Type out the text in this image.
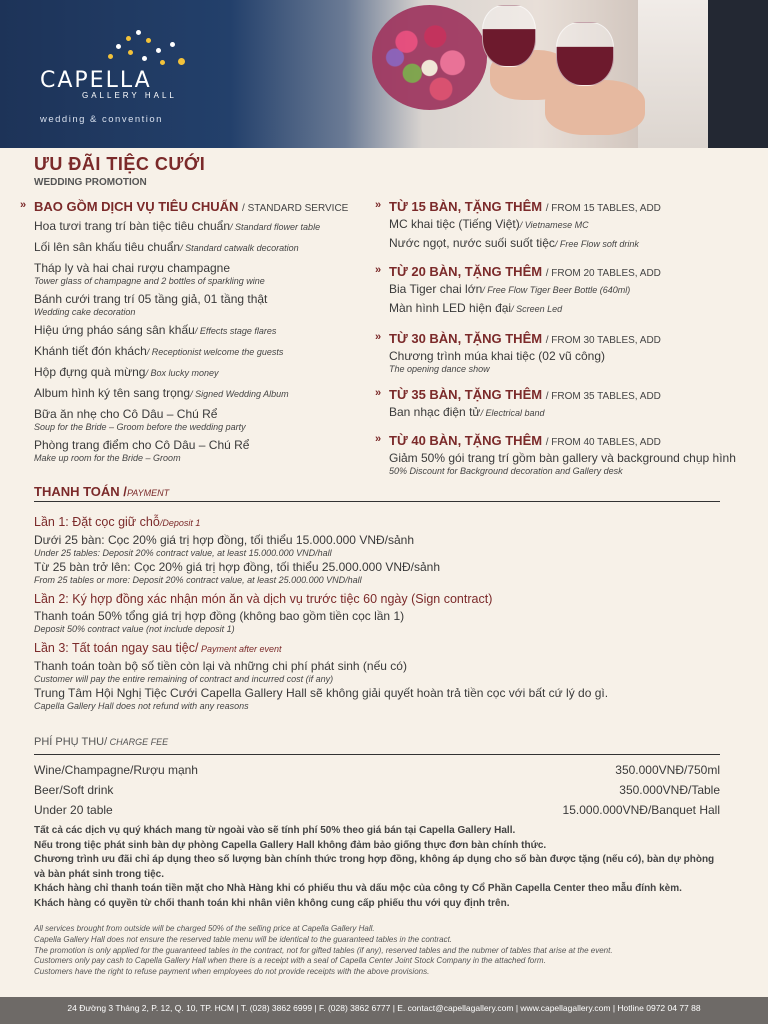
CAPELLA
GALLERY HALL
wedding & convention
ƯU ĐÃI TIỆC CƯỚI
WEDDING PROMOTION
» BAO GỒM DỊCH VỤ TIÊU CHUẨN / STANDARD SERVICE
Hoa tươi trang trí bàn tiệc tiêu chuẩn/ Standard flower table
Lối lên sân khấu tiêu chuẩn/ Standard catwalk decoration
Tháp ly và hai chai rượu champagne
Tower glass of champagne and 2 bottles of sparkling wine
Bánh cưới trang trí 05 tầng giả, 01 tầng thật
Wedding cake decoration
Hiệu ứng pháo sáng sân khấu/ Effects stage flares
Khánh tiết đón khách/ Receptionist welcome the guests
Hộp đựng quà mừng/ Box lucky money
Album hình ký tên sang trọng/ Signed Wedding Album
Bữa ăn nhẹ cho Cô Dâu – Chú Rể
Soup for the Bride – Groom before the wedding party
Phòng trang điểm cho Cô Dâu – Chú Rể
Make up room for the Bride – Groom
» TỪ 15 BÀN, TẶNG THÊM / FROM 15 TABLES, ADD
MC khai tiệc (Tiếng Việt)/ Vietnamese MC
Nước ngọt, nước suối suốt tiệc/ Free Flow soft drink
» TỪ 20 BÀN, TẶNG THÊM / FROM 20 TABLES, ADD
Bia Tiger chai lớn/ Free Flow Tiger Beer Bottle (640ml)
Màn hình LED hiện đại/ Screen Led
» TỪ 30 BÀN, TẶNG THÊM / FROM 30 TABLES, ADD
Chương trình múa khai tiệc (02 vũ công)
The opening dance show
» TỪ 35 BÀN, TẶNG THÊM / FROM 35 TABLES, ADD
Ban nhạc điện tử/ Electrical band
» TỪ 40 BÀN, TẶNG THÊM / FROM 40 TABLES, ADD
Giảm 50% gói trang trí gồm bàn gallery và background chụp hình
50% Discount for Background decoration and Gallery desk
THANH TOÁN /PAYMENT
Lần 1: Đặt cọc giữ chỗ/Deposit 1
Dưới 25 bàn: Cọc 20% giá trị hợp đồng, tối thiểu 15.000.000 VNĐ/sảnh
Under 25 tables: Deposit 20% contract value, at least 15.000.000 VND/hall
Từ 25 bàn trở lên: Cọc 20% giá trị hợp đồng, tối thiểu 25.000.000 VNĐ/sảnh
From 25 tables or more: Deposit 20% contract value, at least 25.000.000 VND/hall
Lần 2: Ký hợp đồng xác nhận món ăn và dịch vụ trước tiệc 60 ngày (Sign contract)
Thanh toán 50% tổng giá trị hợp đồng (không bao gồm tiền cọc lần 1)
Deposit 50% contract value (not include deposit 1)
Lần 3: Tất toán ngay sau tiệc/ Payment after event
Thanh toán toàn bộ số tiền còn lại và những chi phí phát sinh (nếu có)
Customer will pay the entire remaining of contract and incurred cost (if any)
Trung Tâm Hội Nghị Tiệc Cưới Capella Gallery Hall sẽ không giải quyết hoàn trả tiền cọc với bất cứ lý do gì.
Capella Gallery Hall does not refund with any reasons
PHÍ PHỤ THU/ CHARGE FEE
Wine/Champagne/Rượu mạnh	350.000VNĐ/750ml
Beer/Soft drink	350.000VNĐ/Table
Under 20 table	15.000.000VNĐ/Banquet Hall
Tất cả các dịch vụ quý khách mang từ ngoài vào sẽ tính phí 50% theo giá bán tại Capella Gallery Hall.
Nếu trong tiệc phát sinh bàn dự phòng Capella Gallery Hall không đảm bảo giống thực đơn bàn chính thức.
Chương trình ưu đãi chỉ áp dụng theo số lượng bàn chính thức trong hợp đồng, không áp dụng cho số bàn được tặng (nếu có), bàn dự phòng và bàn phát sinh trong tiệc.
Khách hàng chỉ thanh toán tiền mặt cho Nhà Hàng khi có phiếu thu và dấu mộc của công ty Cổ Phần Capella Center theo mẫu đính kèm.
Khách hàng có quyền từ chối thanh toán khi nhân viên không cung cấp phiếu thu với quy định trên.
All services brought from outside will be charged 50% of the selling price at Capella Gallery Hall.
Capella Gallery Hall does not ensure the reserved table menu will be identical to the guaranteed tables in the contract.
The promotion is only applied for the guaranteed tables in the contract, not for gifted tables (if any), reserved tables and the nubmer of tables that arise at the event.
Customers only pay cash to Capella Gallery Hall when there is a receipt with a seal of Capella Center Joint Stock Company in the attached form.
Customers have the right to refuse payment when employees do not provide receipts with the above provisions.
24 Đường 3 Tháng 2, P. 12, Q. 10, TP. HCM | T. (028) 3862 6999 | F. (028) 3862 6777 | E. contact@capellagallery.com | www.capellagallery.com | Hotline 0972 04 77 88
